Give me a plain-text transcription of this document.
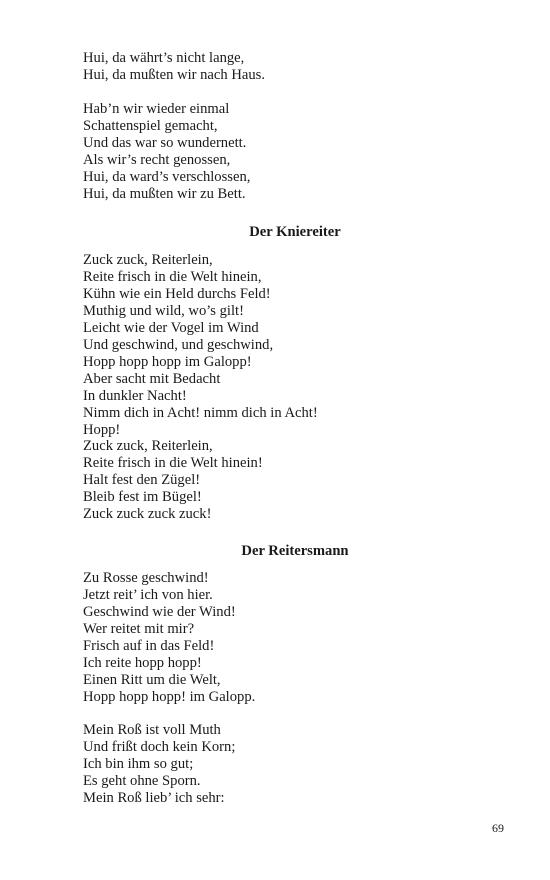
Hui, da währt’s nicht lange,
Hui, da mußten wir nach Haus.
Hab’n wir wieder einmal
Schattenspiel gemacht,
Und das war so wundernett.
Als wir’s recht genossen,
Hui, da ward’s verschlossen,
Hui, da mußten wir zu Bett.
Der Kniereiter
Zuck zuck, Reiterlein,
Reite frisch in die Welt hinein,
Kühn wie ein Held durchs Feld!
Muthig und wild, wo’s gilt!
Leicht wie der Vogel im Wind
Und geschwind, und geschwind,
Hopp hopp hopp im Galopp!
Aber sacht mit Bedacht
In dunkler Nacht!
Nimm dich in Acht! nimm dich in Acht!
Hopp!
Zuck zuck, Reiterlein,
Reite frisch in die Welt hinein!
Halt fest den Zügel!
Bleib fest im Bügel!
Zuck zuck zuck zuck!
Der Reitersmann
Zu Rosse geschwind!
Jetzt reit’ ich von hier.
Geschwind wie der Wind!
Wer reitet mit mir?
Frisch auf in das Feld!
Ich reite hopp hopp!
Einen Ritt um die Welt,
Hopp hopp hopp! im Galopp.
Mein Roß ist voll Muth
Und frißt doch kein Korn;
Ich bin ihm so gut;
Es geht ohne Sporn.
Mein Roß lieb’ ich sehr:
69
